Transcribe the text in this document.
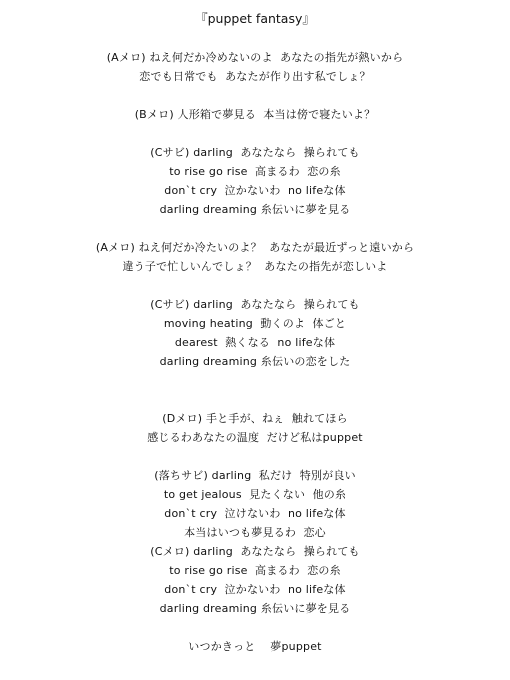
『puppet fantasy』
(Aメロ) ねえ何だか冷めないのよ  あなたの指先が熱いから
恋でも日常でも  あなたが作り出す私でしょ？
(Bメロ) 人形箱で夢見る  本当は傍で寝たいよ？
(Cサビ) darling  あなたなら  操られても
to rise go rise  高まるわ  恋の糸
don`t cry  泣かないわ  no lifeな体
darling dreaming 糸伝いに夢を見る
(Aメロ) ねえ何だか冷たいのよ？  あなたが最近ずっと遠いから
違う子で忙しいんでしょ？  あなたの指先が恋しいよ
(Cサビ) darling  あなたなら  操られても
moving heating  動くのよ  体ごと
dearest  熱くなる  no lifeな体
darling dreaming 糸伝いの恋をした
(Dメロ) 手と手が、ねぇ  触れてほら
感じるわあなたの温度  だけど私はpuppet
(落ちサビ) darling  私だけ  特別が良い
to get jealous  見たくない  他の糸
don`t cry  泣けないわ  no lifeな体
本当はいつも夢見るわ  恋心
(Cメロ) darling  あなたなら  操られても
to rise go rise  高まるわ  恋の糸
don`t cry  泣かないわ  no lifeな体
darling dreaming 糸伝いに夢を見る
いつかきっと    夢puppet
